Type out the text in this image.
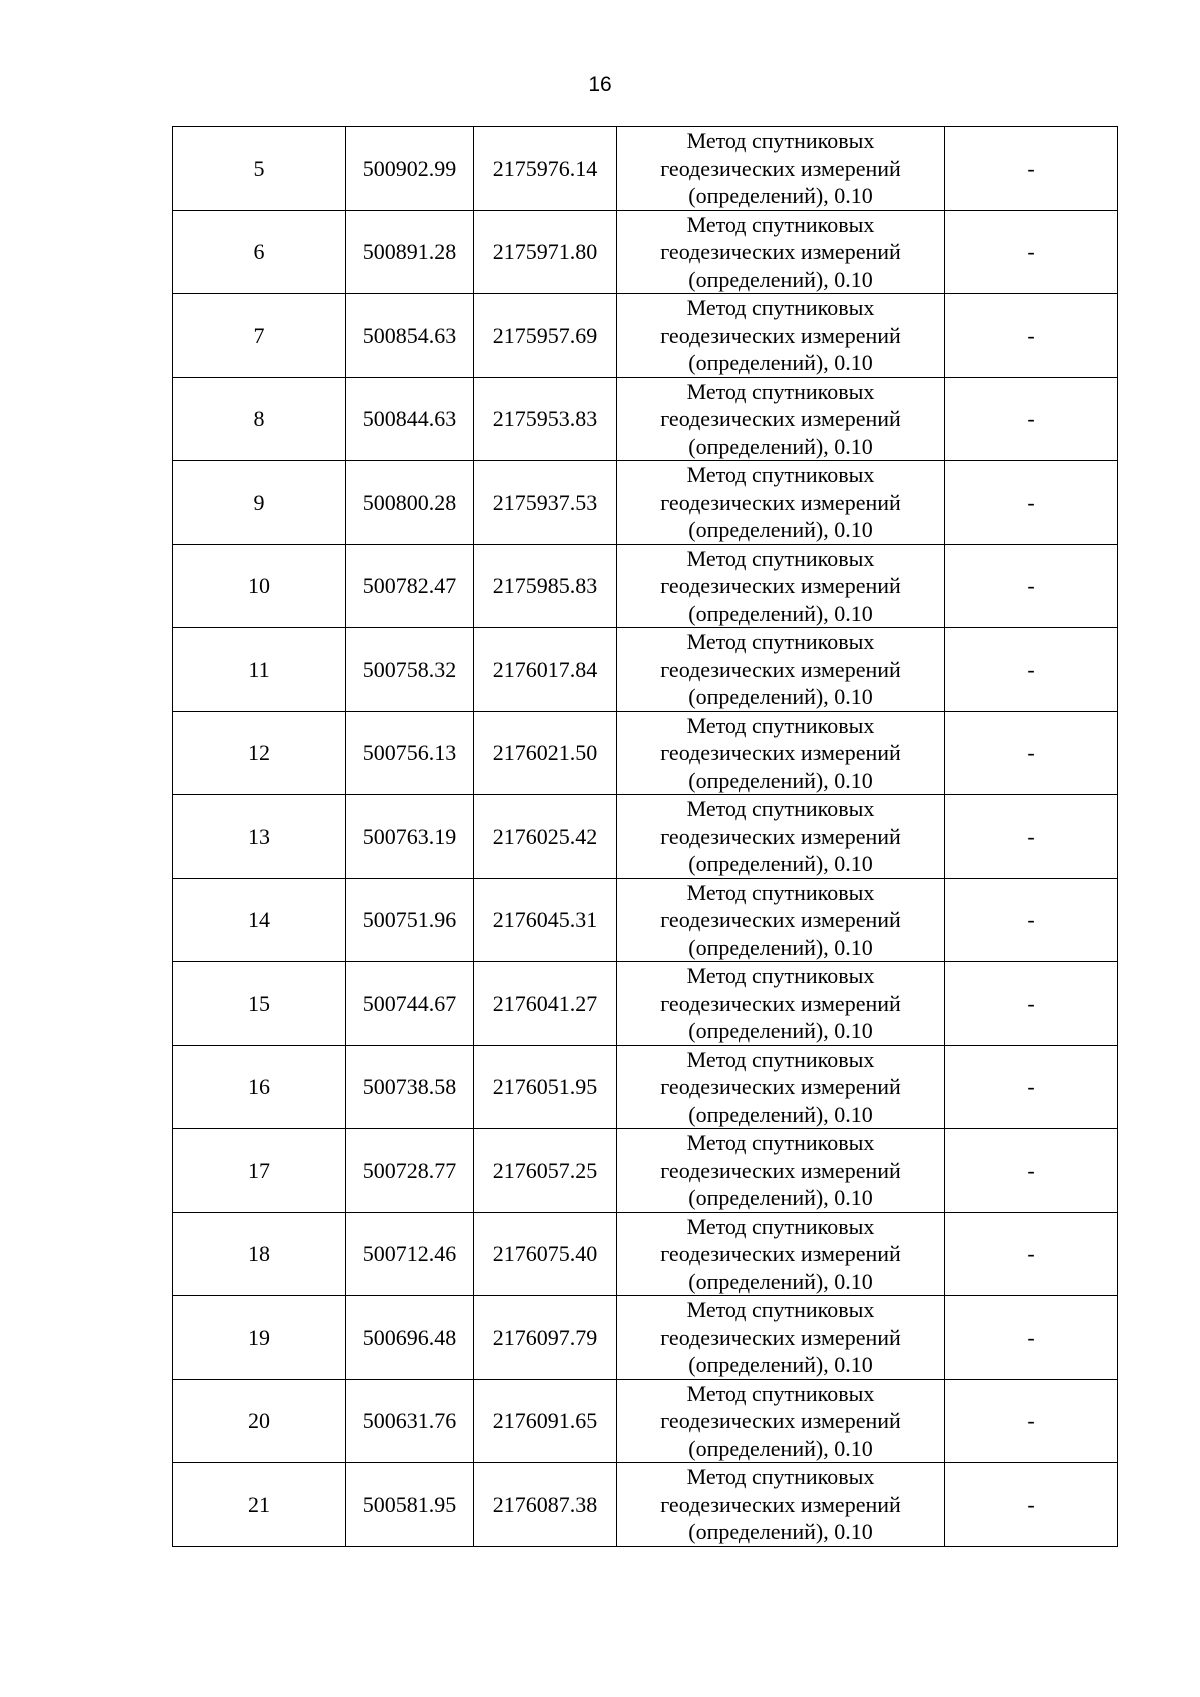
16
5	500902.99	2175976.14	Метод спутниковых
геодезических измерений
(определений), 0.10	-
6	500891.28	2175971.80	Метод спутниковых
геодезических измерений
(определений), 0.10	-
7	500854.63	2175957.69	Метод спутниковых
геодезических измерений
(определений), 0.10	-
8	500844.63	2175953.83	Метод спутниковых
геодезических измерений
(определений), 0.10	-
9	500800.28	2175937.53	Метод спутниковых
геодезических измерений
(определений), 0.10	-
10	500782.47	2175985.83	Метод спутниковых
геодезических измерений
(определений), 0.10	-
11	500758.32	2176017.84	Метод спутниковых
геодезических измерений
(определений), 0.10	-
12	500756.13	2176021.50	Метод спутниковых
геодезических измерений
(определений), 0.10	-
13	500763.19	2176025.42	Метод спутниковых
геодезических измерений
(определений), 0.10	-
14	500751.96	2176045.31	Метод спутниковых
геодезических измерений
(определений), 0.10	-
15	500744.67	2176041.27	Метод спутниковых
геодезических измерений
(определений), 0.10	-
16	500738.58	2176051.95	Метод спутниковых
геодезических измерений
(определений), 0.10	-
17	500728.77	2176057.25	Метод спутниковых
геодезических измерений
(определений), 0.10	-
18	500712.46	2176075.40	Метод спутниковых
геодезических измерений
(определений), 0.10	-
19	500696.48	2176097.79	Метод спутниковых
геодезических измерений
(определений), 0.10	-
20	500631.76	2176091.65	Метод спутниковых
геодезических измерений
(определений), 0.10	-
21	500581.95	2176087.38	Метод спутниковых
геодезических измерений
(определений), 0.10	-
